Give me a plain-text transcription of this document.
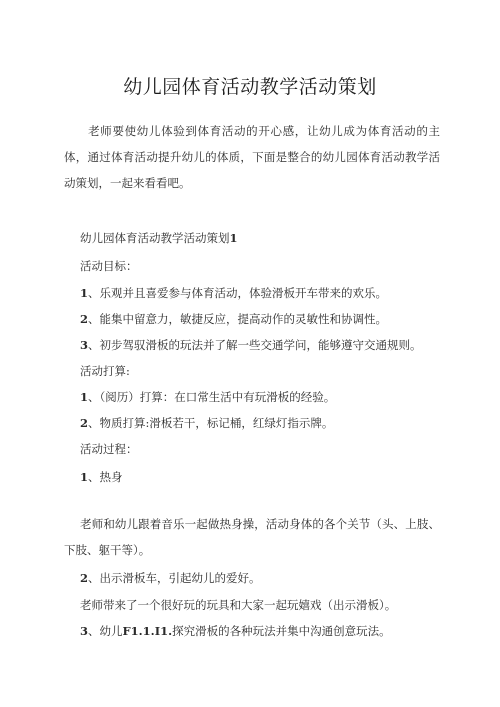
幼儿园体育活动教学活动策划

老师要使幼儿体验到体育活动的开心感，让幼儿成为体育活动的主体，通过体育活动提升幼儿的体质，下面是整合的幼儿园体育活动教学活动策划，一起来看看吧。

幼儿园体育活动教学活动策划1
活动目标：
1、乐观并且喜爱参与体育活动，体验滑板开车带来的欢乐。
2、能集中留意力，敏捷反应，提高动作的灵敏性和协调性。
3、初步驾驭滑板的玩法并了解一些交通学问，能够遵守交通规则。
活动打算:
1、（阅历）打算：在口常生活中有玩滑板的经验。
2、物质打算:滑板若干，标记桶，红绿灯指示牌。
活动过程：
1、热身

老师和幼儿跟着音乐一起做热身操，活动身体的各个关节（头、上肢、下肢、躯干等）。

2、出示滑板车，引起幼儿的爱好。
老师带来了一个很好玩的玩具和大家一起玩嬉戏（出示滑板）。
3、幼儿F1.1.I1.探究滑板的各种玩法并集中沟通创意玩法。
